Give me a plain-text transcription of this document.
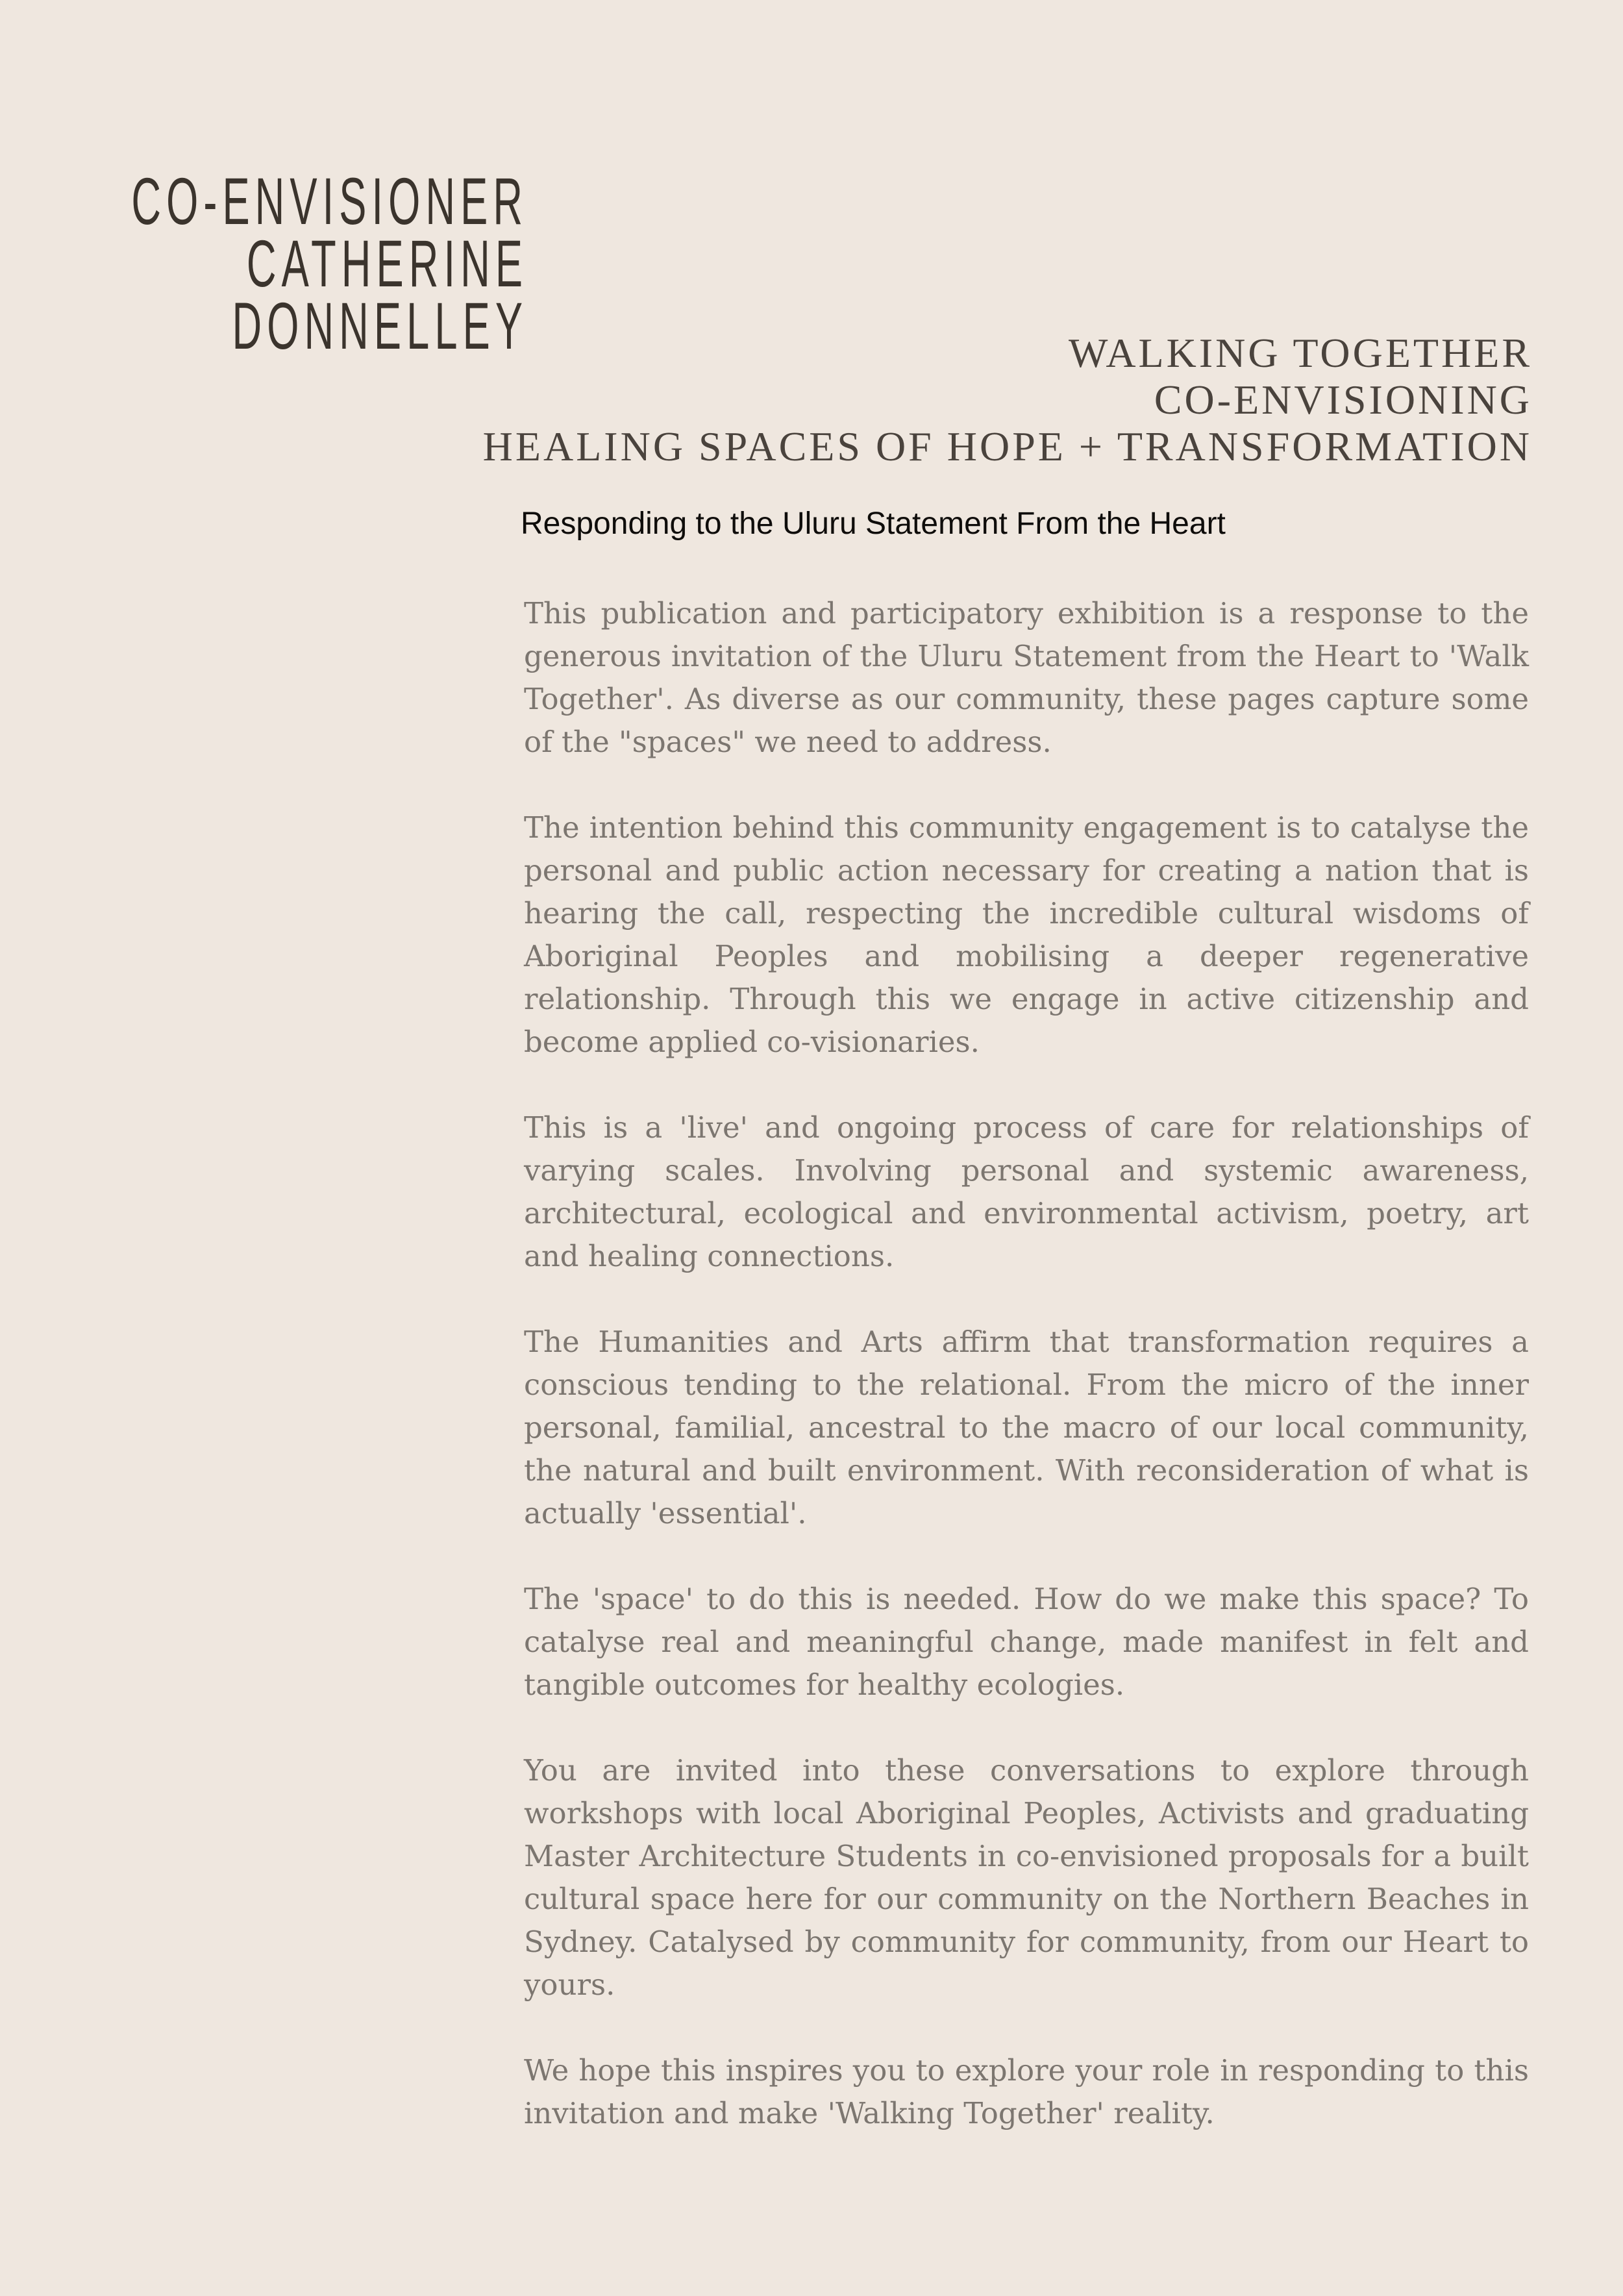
CO-ENVISIONER
CATHERINE
DONNELLEY	WALKING TOGETHER
CO-ENVISIONING
HEALING SPACES OF HOPE + TRANSFORMATION
Responding to the Uluru Statement From the Heart

This publication and participatory exhibition is a response to the generous invitation of the Uluru Statement from the Heart to 'Walk Together'. As diverse as our community, these pages capture some of the "spaces" we need to address.

The intention behind this community engagement is to catalyse the personal and public action necessary for creating a nation that is hearing the call, respecting the incredible cultural wisdoms of Aboriginal Peoples and mobilising a deeper regenerative relationship. Through this we engage in active citizenship and become applied co-visionaries.

This is a 'live' and ongoing process of care for relationships of varying scales. Involving personal and systemic awareness, architectural, ecological and environmental activism, poetry, art and healing connections.

The Humanities and Arts affirm that transformation requires a conscious tending to the relational. From the micro of the inner personal, familial, ancestral to the macro of our local community, the natural and built environment. With reconsideration of what is actually 'essential'.

The 'space' to do this is needed. How do we make this space? To catalyse real and meaningful change, made manifest in felt and tangible outcomes for healthy ecologies.

You are invited into these conversations to explore through workshops with local Aboriginal Peoples, Activists and graduating Master Architecture Students in co-envisioned proposals for a built cultural space here for our community on the Northern Beaches in Sydney. Catalysed by community for community, from our Heart to yours.

We hope this inspires you to explore your role in responding to this invitation and make 'Walking Together' reality.
